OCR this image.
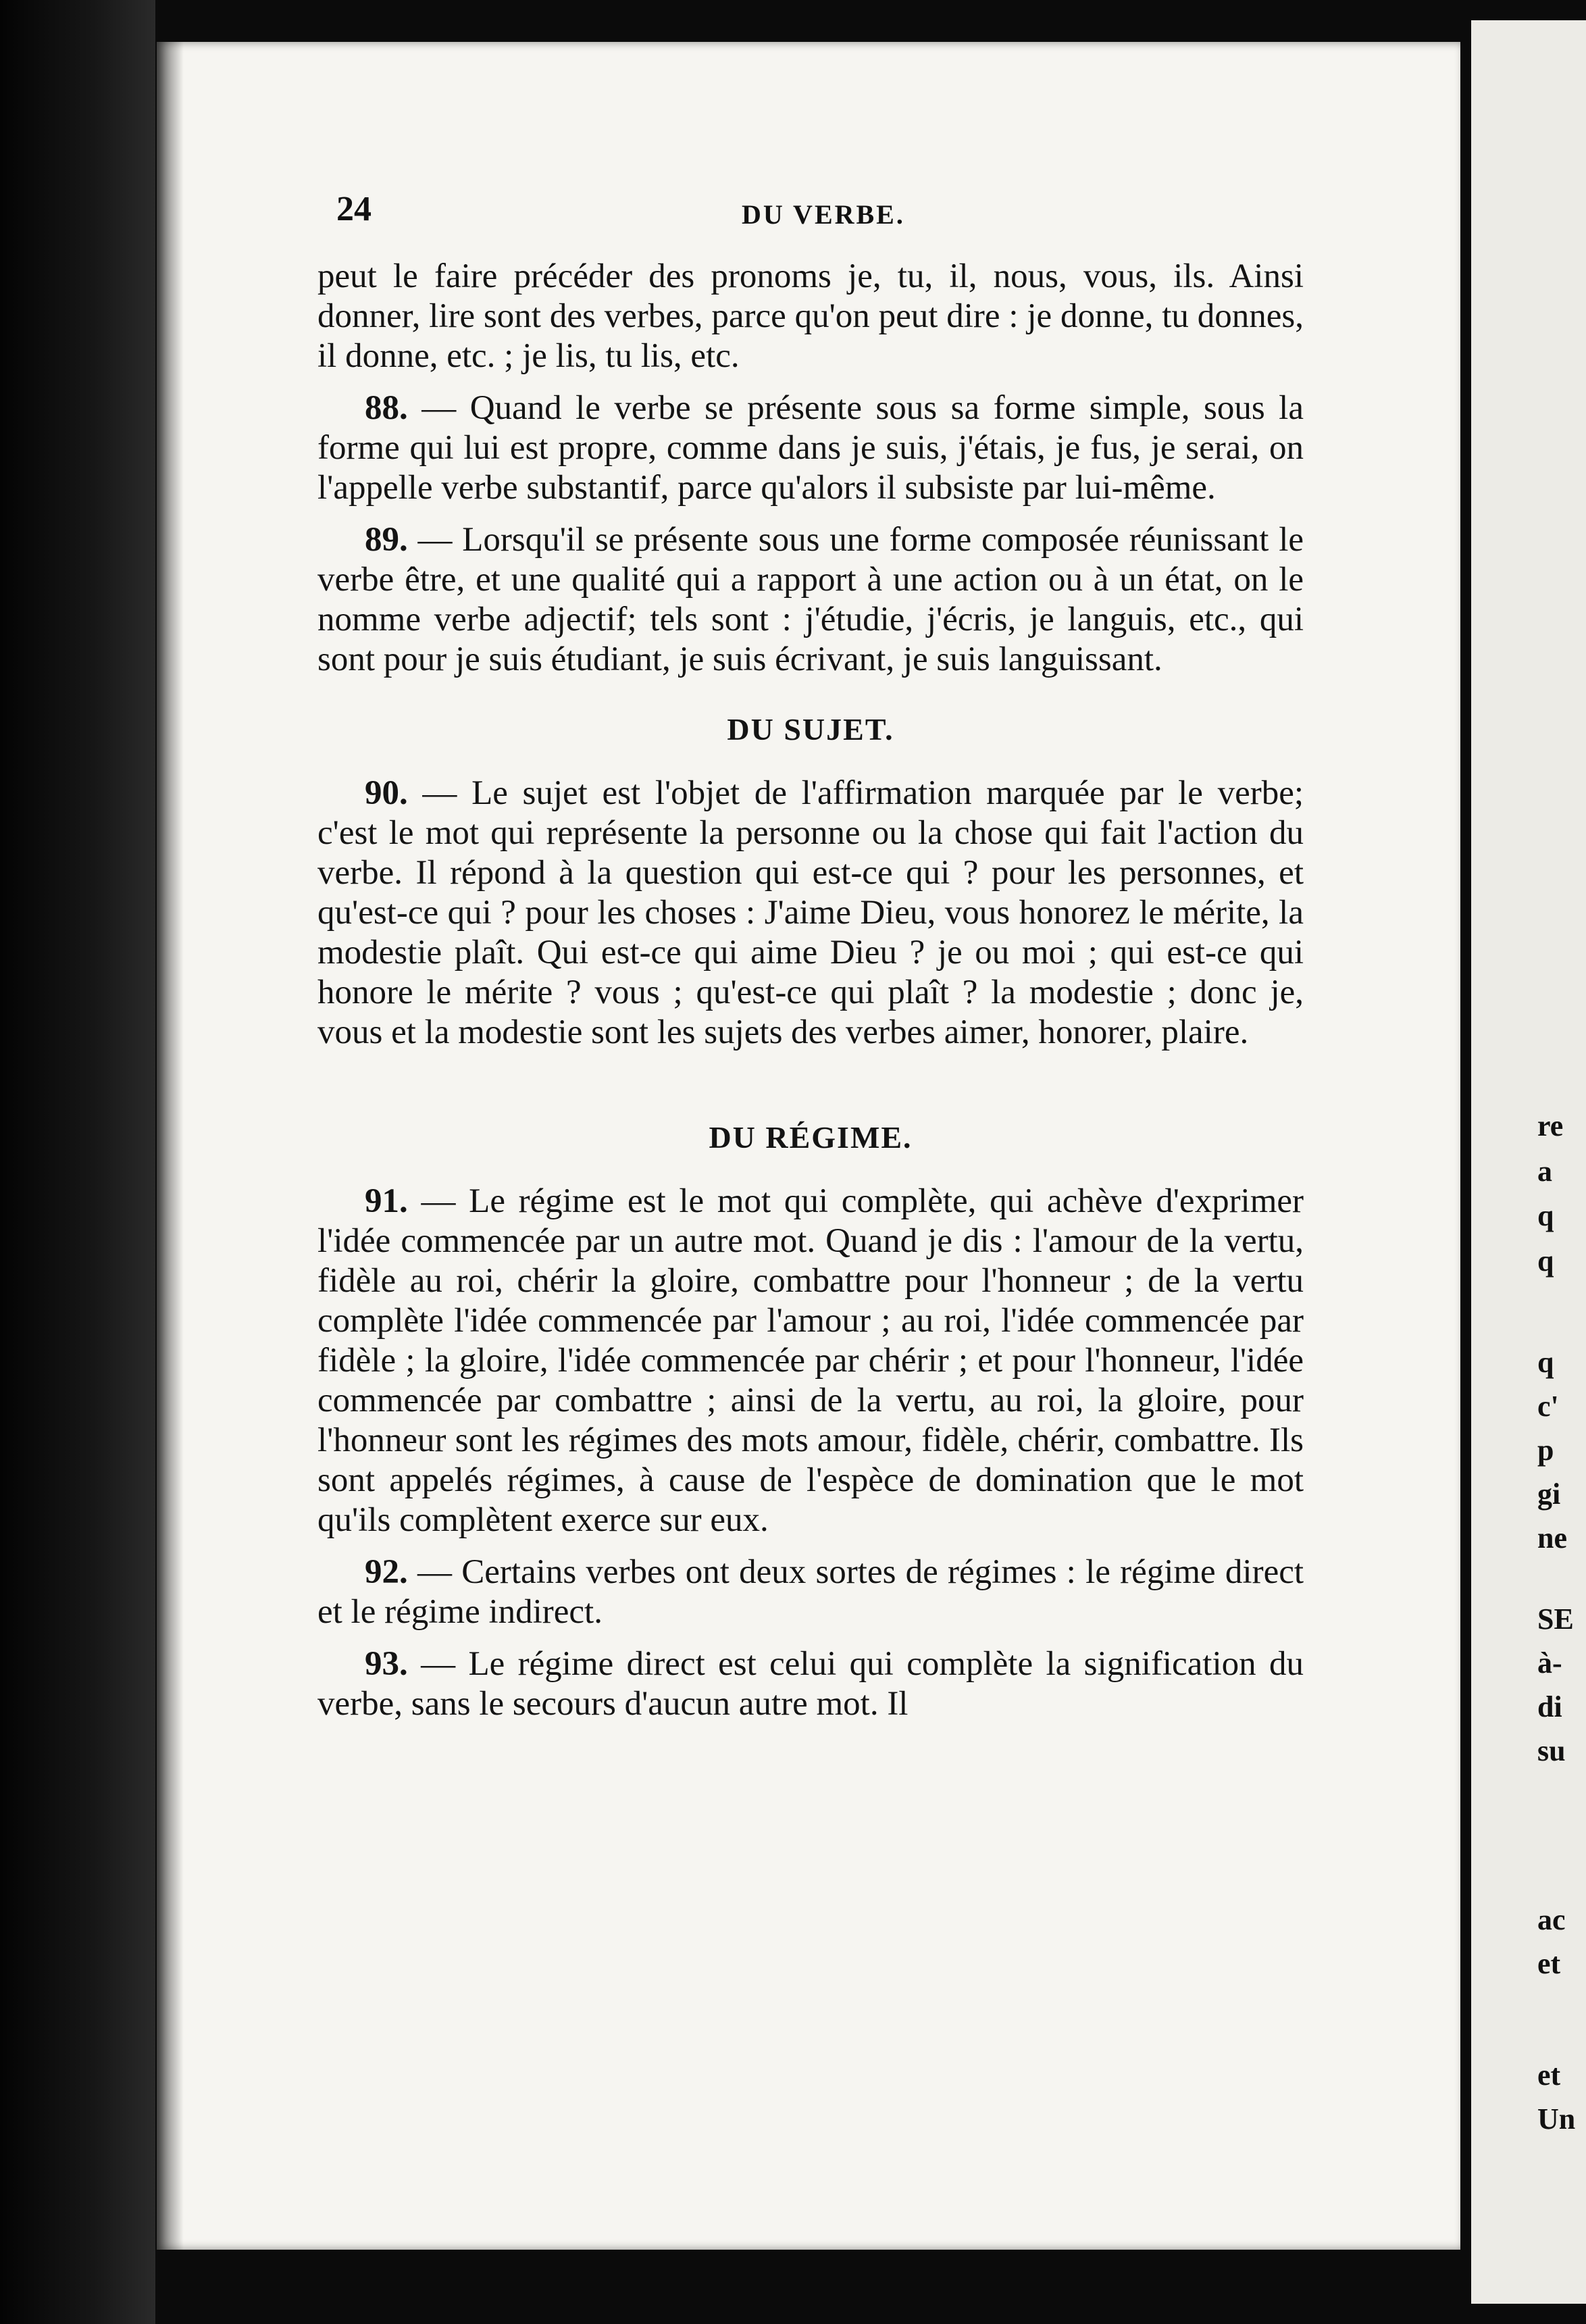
re
a
q
q
q
c'
p
gi
ne
SE
à-
di
su
ac
et
et
Un
24	DU VERBE.

peut le faire précéder des pronoms je, tu, il, nous, vous, ils. Ainsi donner, lire sont des verbes, parce qu'on peut dire : je donne, tu donnes, il donne, etc. ; je lis, tu lis, etc.

88. — Quand le verbe se présente sous sa forme simple, sous la forme qui lui est propre, comme dans je suis, j'étais, je fus, je serai, on l'appelle verbe substantif, parce qu'alors il subsiste par lui-même.

89. — Lorsqu'il se présente sous une forme composée réunissant le verbe être, et une qualité qui a rapport à une action ou à un état, on le nomme verbe adjectif; tels sont : j'étudie, j'écris, je languis, etc., qui sont pour je suis étudiant, je suis écrivant, je suis languissant.

DU SUJET.

90. — Le sujet est l'objet de l'affirmation marquée par le verbe; c'est le mot qui représente la personne ou la chose qui fait l'action du verbe. Il répond à la question qui est-ce qui ? pour les personnes, et qu'est-ce qui ? pour les choses : J'aime Dieu, vous honorez le mérite, la modestie plaît. Qui est-ce qui aime Dieu ? je ou moi ; qui est-ce qui honore le mérite ? vous ; qu'est-ce qui plaît ? la modestie ; donc je, vous et la modestie sont les sujets des verbes aimer, honorer, plaire.

DU RÉGIME.

91. — Le régime est le mot qui complète, qui achève d'exprimer l'idée commencée par un autre mot. Quand je dis : l'amour de la vertu, fidèle au roi, chérir la gloire, combattre pour l'honneur ; de la vertu complète l'idée commencée par l'amour ; au roi, l'idée commencée par fidèle ; la gloire, l'idée commencée par chérir ; et pour l'honneur, l'idée commencée par combattre ; ainsi de la vertu, au roi, la gloire, pour l'honneur sont les régimes des mots amour, fidèle, chérir, combattre. Ils sont appelés régimes, à cause de l'espèce de domination que le mot qu'ils complètent exerce sur eux.

92. — Certains verbes ont deux sortes de régimes : le régime direct et le régime indirect.

93. — Le régime direct est celui qui complète la signification du verbe, sans le secours d'aucun autre mot. Il
